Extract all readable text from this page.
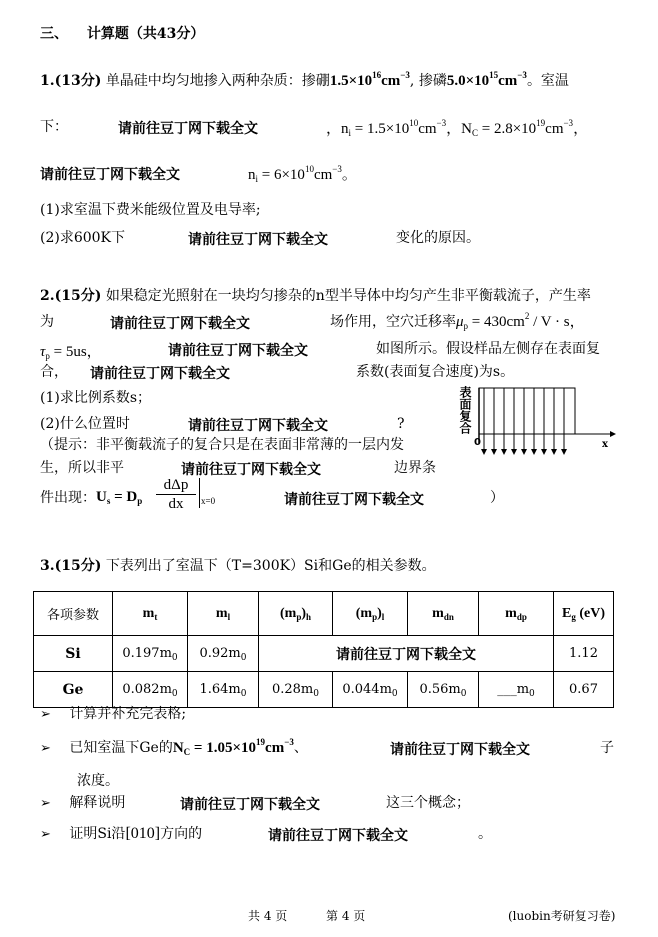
三、 计算题（共43分）
1.(13分) 单晶硅中均匀地掺入两种杂质：掺硼$1.5\times 10^{16}cm^{-3}$, 掺磷$5.0\times 10^{15}cm^{-3}$。室温
下：	请前往豆丁网下载全文	，$n_i = 1.5\times 10^{10}cm^{-3}$，$N_C = 2.8\times 10^{19}cm^{-3}$，
请前往豆丁网下载全文	$n_i = 6\times 10^{10}cm^{-3}$。
(1)求室温下费米能级位置及电导率;
(2)求600K下	请前往豆丁网下载全文	变化的原因。
2.(15分) 如果稳定光照射在一块均匀掺杂的n型半导体中均匀产生非平衡载流子，产生率
为	请前往豆丁网下载全文	场作用，空穴迁移率$\mu_p = 430cm^2 / V \cdot s$，
$\tau_p = 5us$，	请前往豆丁网下载全文	如图所示。假设样品左侧存在表面复
合， 请前往豆丁网下载全文	系数(表面复合速度)为s。
(1)求比例系数s；
(2)什么位置时	请前往豆丁网下载全文	?
（提示：非平衡载流子的复合只是在表面非常薄的一层内发
生，所以非平	请前往豆丁网下载全文	边界条
件出现： $U_s = D_p$
dΔp
dx	x=0	请前往豆丁网下载全文	）
表面复合
0	x
3.(15分) 下表列出了室温下（T=300K）Si和Ge的相关参数。
各项参数	$m_t$	$m_l$	$(m_p)_h$	$(m_p)_l$	$m_{dn}$	$m_{dp}$	$E_g$ (eV)
Si	$0.197m_0$	$0.92m_0$	请前往豆丁网下载全文				1.12
Ge	$0.082m_0$	$1.64m_0$	$0.28m_0$	$0.044m_0$	$0.56m_0$	$\_\_\_m_0$	0.67
➢ 计算并补充完表格;
➢ 已知室温下Ge的$N_C = 1.05\times 10^{19}cm^{-3}$、	请前往豆丁网下载全文	子
浓度。
➢ 解释说明	请前往豆丁网下载全文	这三个概念；
➢ 证明Si沿[010]方向的	请前往豆丁网下载全文	。
共 4 页	第 4 页	(luobin考研复习卷)
